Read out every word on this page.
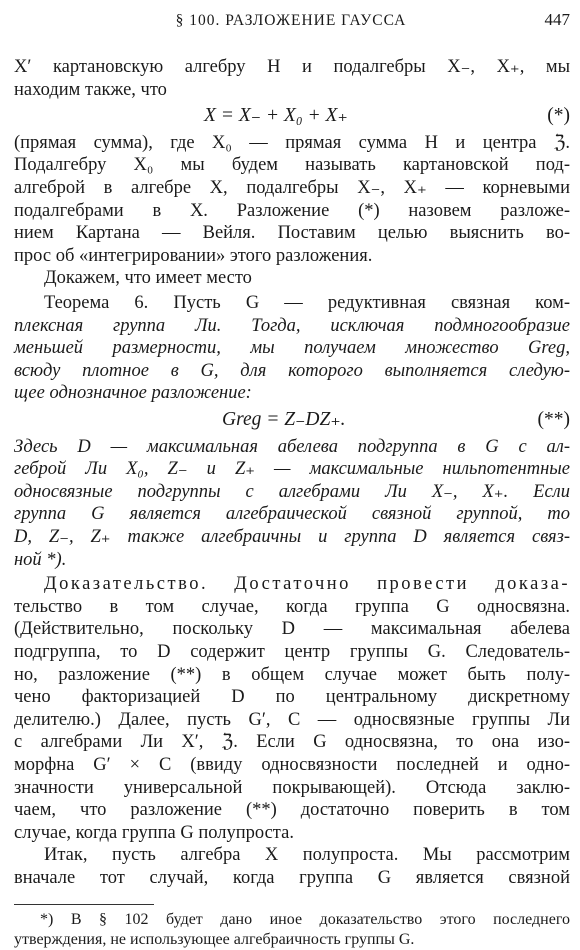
§ 100. РАЗЛОЖЕНИЕ ГАУССА	447
X′ картановскую алгебру H и подалгебры X₋, X₊, мы
находим также, что
X = X₋ + X₀ + X₊	(*)
(прямая сумма), где X₀ — прямая сумма H и центра ℨ.
Подалгебру X₀ мы будем называть картановской под-
алгеброй в алгебре X, подалгебры X₋, X₊ — корневыми
подалгебрами в X. Разложение (*) назовем разложе-
нием Картана — Вейля. Поставим целью выяснить во-
прос об «интегрировании» этого разложения.
Докажем, что имеет место
Теорема 6. Пусть G — редуктивная связная ком-
плексная группа Ли. Тогда, исключая подмногообразие
меньшей размерности, мы получаем множество Greg,
всюду плотное в G, для которого выполняется следую-
щее однозначное разложение:
Greg = Z₋DZ₊.	(**)
Здесь D — максимальная абелева подгруппа в G с ал-
геброй Ли X₀, Z₋ и Z₊ — максимальные нильпотентные
односвязные подгруппы с алгебрами Ли X₋, X₊. Если
группа G является алгебраической связной группой, то
D, Z₋, Z₊ также алгебраичны и группа D является связ-
ной *).
Доказательство. Достаточно провести доказа-
тельство в том случае, когда группа G односвязна.
(Действительно, поскольку D — максимальная абелева
подгруппа, то D содержит центр группы G. Следователь-
но, разложение (**) в общем случае может быть полу-
чено факторизацией D по центральному дискретному
делителю.) Далее, пусть G′, C — односвязные группы Ли
с алгебрами Ли X′, ℨ. Если G односвязна, то она изо-
морфна G′ × C (ввиду односвязности последней и одно-
значности универсальной покрывающей). Отсюда заклю-
чаем, что разложение (**) достаточно поверить в том
случае, когда группа G полупроста.
Итак, пусть алгебра X полупроста. Мы рассмотрим
вначале тот случай, когда группа G является связной
*) В § 102 будет дано иное доказательство этого последнего
утверждения, не использующее алгебраичность группы G.
